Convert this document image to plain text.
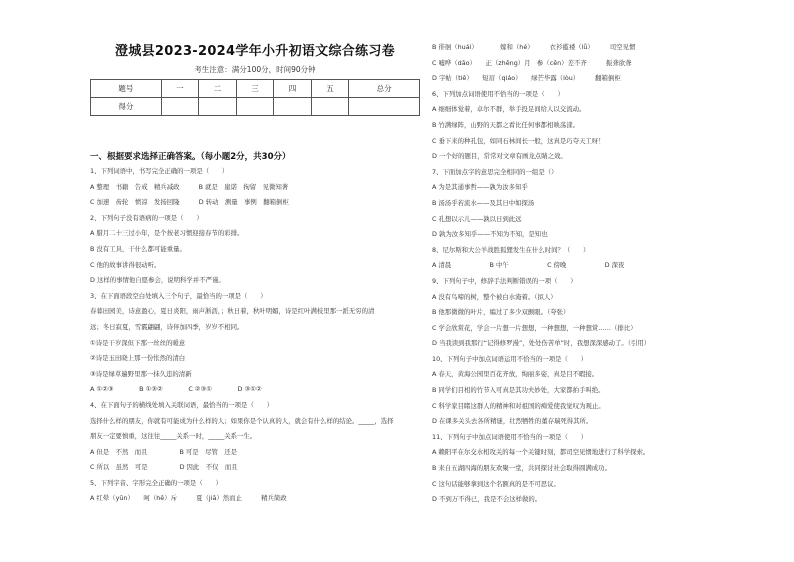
澄城县2023-2024学年小升初语文综合练习卷
考生注意：满分100分，时间90分钟
题号	一	二	三	四	五	总分
得分						
一、根据要求选择正确答案。（每小题2分，共30分）
1、下列词语中，书写完全正确的一项是（　　）
A 整理　书籍　告戒　精兵减政　　　B 就是　崖诺　拘留　见微知著
C 加速　齿轮　愤凉　发扬回隆　　　D 转动　测量　事例　翻箱倒柜
2、下列句子没有语病的一项是（　　）
A 腊月二十三过小年，是个按老习惯迎接春节的彩排。
B 没有工具，干什么都可能重量。
C 他的故事讲得很动听。
D 这样的事情他自愿参会，说明科学并不严谨。
3、在下面语段空白处填入三个句子，最恰当的一项是（　　）
春暮田园美，诗意盈心，夏日炎阳，雨声淅沥，；秋日着，秋叶明媚，诗是红叶满枝里那一派无穷的清
远；冬日寂夏，雪霰翩翩，诗伴加四季，岁岁不相同。
①诗是干岁深但下那一丝丝的暖意
②诗是玉田晓上那一份怅然的清白
③诗是绿草遍野里那一抹久违的清新
A ①②③　　　　B ①③②　　　　C ②③①　　　　D ③①②
4、在下面句子的横线处填入关联词语，最恰当的一项是（　　）
选择什么样的朋友，你就有可能成为什么样的人；如果你是个认真的人，就会有什么样的结论。_____，选择
朋友一定要慎重，这往往_____关系一时，_____关系一生。
A 但是　不然　而且　　　　　B 可是　尽管　还是
C 所以　虽然　可是　　　　　D 因此　不仅　而且
5、下列字音、字形完全正确的一项是（　　）
A 红晕（yūn）　　呵（hē）斥　　　夏（jiā）然而止　　　精兵简政
B 徘徊（huái）　　　　嫁和（hé）　　　衣衫褴褛（lǚ）　　　司空见惯
C 嘘哗（dāo）　　正（zhēng）月　参（cēn）差不齐　　　振聋欲聋
D 字帖（tiē）　　短眉（qiáo）　　绿芒毕露（lòu）　　　翻箱倒柜
6、下列加点词语使用不恰当的一项是（　　）
A 细细体觉着，卓尔不群，举手投足间给人以交流动。
B 竹满绿阵，山野的天都之看比任何事都相映荡漾。
C 垂下来的种孔包，如同石林间长一般，这真是巧夺天工呀！
D 一个好的题目，常常对文章有画龙点睛之效。
7、下面加点字的意思完全相同的一组是（）
A 为是其通事哲——孰为汝多知乎
B 汤汤乎若流水——及其日中如探汤
C 孔想以示儿——孰以日到此远
D 孰为汝多知乎——不知为不知，是知也
8、尼尔斯和大公羊战胜狐狸发生在什么时间？（　　）
A 清晨　　　　　　B 中午　　　　　　C 傍晚　　　　　　D 深夜
9、下列句子中，修辞手法判断错误的一项（　　）
A 没有鸟啼的树，整个被白水淹着。（拟人）
B 他那微微的叶片，编过了多少双颤眼。（夸张）
C 学会欣赏花，学会一片想一片想想，一种想想，一种想赏……（排比）
D 当我读到我那行“记得修罗漫”，处处伤苦单”时，我想深深感动了。（引用）
10、下列句子中加点词语运用不恰当的一项是（　　）
A 春天，黄海公园里百花齐放，绚丽多姿，真是目不暇接。
B 同学们目相的竹节入可真是其功夫妙处，大家都拍手叫绝。
C 科学家目睹这群人的精神和对祖国的痴爱使我觉叹为观止。
D 在课多关头去各所精谜，壮烈牺牲的董存瑞死得其所。
11、下列句子中加点词语使用不恰当的一项是（　　）
A 赖阳平在尔交水相攻关的每一个关键时刻，都司空见惯地进行了科学探索。
B 来自五湖四海的朋友欢聚一堂，共同探讨社会取得圆满成功。
C 这句话能够拿到这个名额真的是不可思议。
D 不到万不得已，我是不会这样做的。
